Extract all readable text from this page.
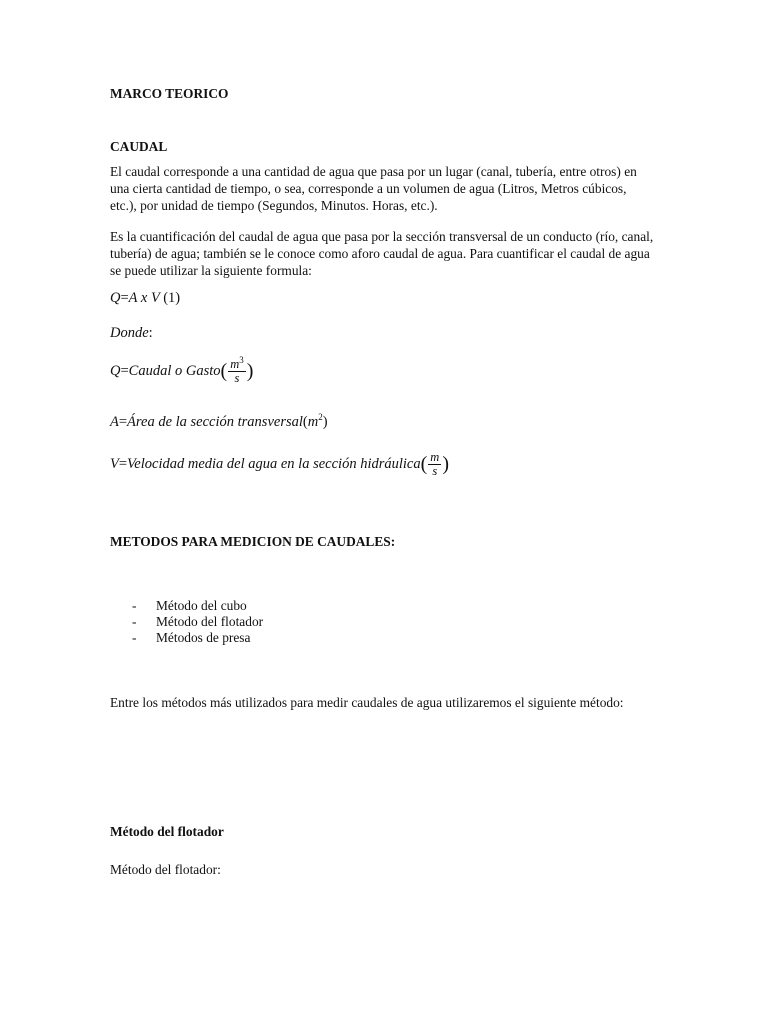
MARCO TEORICO
CAUDAL

El caudal corresponde a una cantidad de agua que pasa por un lugar (canal, tubería, entre otros) en una cierta cantidad de tiempo, o sea, corresponde a un volumen de agua (Litros, Metros cúbicos, etc.), por unidad de tiempo (Segundos, Minutos. Horas, etc.).

Es la cuantificación del caudal de agua que pasa por la sección transversal de un conducto (río, canal, tubería) de agua; también se le conoce como aforo caudal de agua. Para cuantificar el caudal de agua se puede utilizar la siguiente formula:

Q=A x V (1)
Donde:
Q=Caudal o Gasto( $\frac{m^3}{s}$ )
A=Área de la sección $transversal(m^2)$
V=Velocidad media del agua en la sección hidráulica( $\frac{m}{s}$ )
METODOS PARA MEDICION DE CAUDALES:
- Método del cubo
- Método del flotador
- Métodos de presa
Entre los métodos más utilizados para medir caudales de agua utilizaremos el siguiente método:
Método del flotador
Método del flotador:
